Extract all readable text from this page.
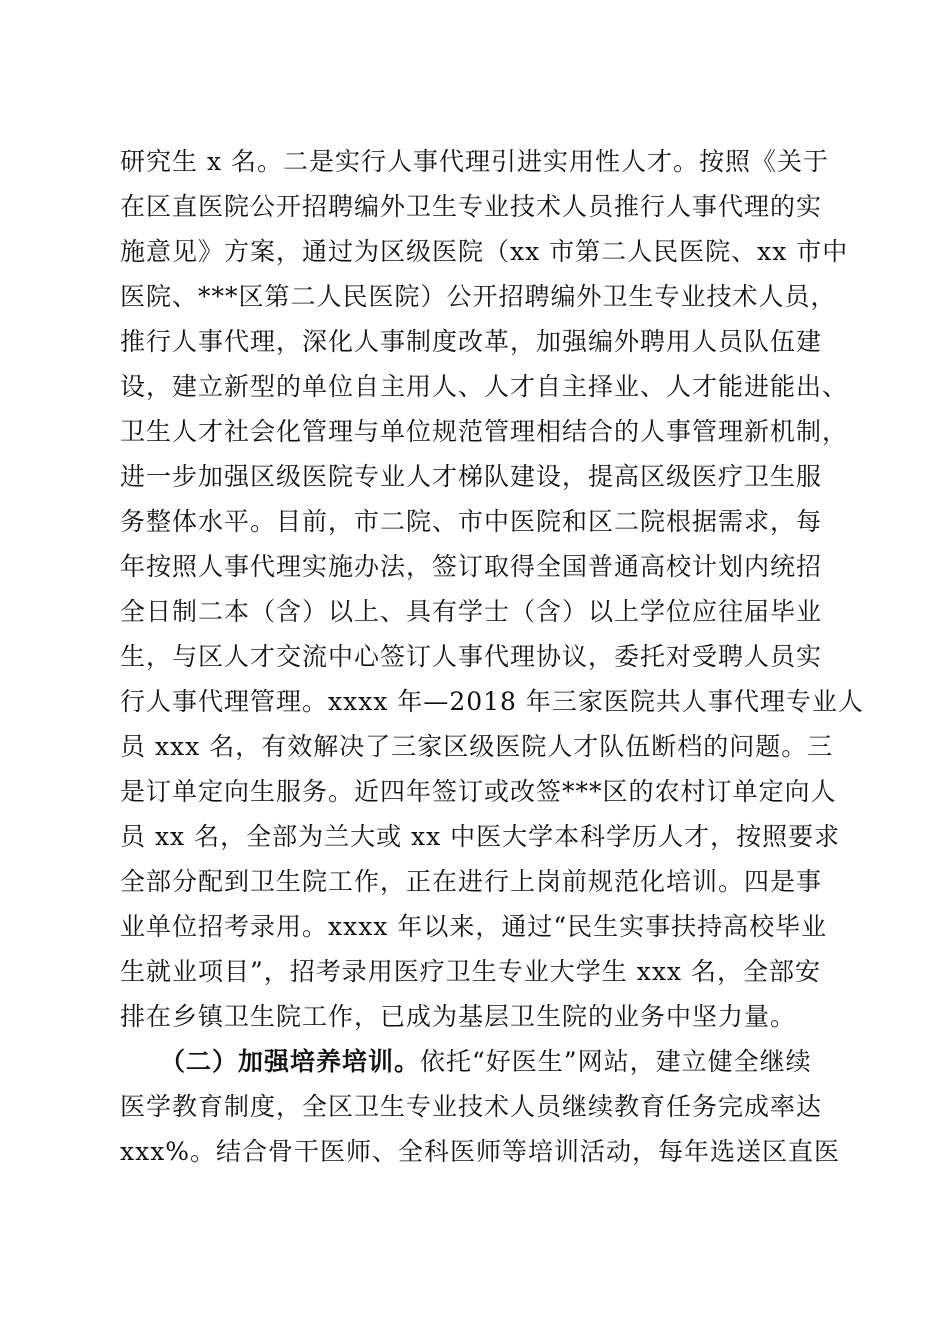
研究生 x 名。二是实行人事代理引进实用性人才。按照《关于
在区直医院公开招聘编外卫生专业技术人员推行人事代理的实
施意见》方案，通过为区级医院（xx 市第二人民医院、xx 市中
医院、***区第二人民医院）公开招聘编外卫生专业技术人员，
推行人事代理，深化人事制度改革，加强编外聘用人员队伍建
设，建立新型的单位自主用人、人才自主择业、人才能进能出、
卫生人才社会化管理与单位规范管理相结合的人事管理新机制，
进一步加强区级医院专业人才梯队建设，提高区级医疗卫生服
务整体水平。目前，市二院、市中医院和区二院根据需求，每
年按照人事代理实施办法，签订取得全国普通高校计划内统招
全日制二本（含）以上、具有学士（含）以上学位应往届毕业
生，与区人才交流中心签订人事代理协议，委托对受聘人员实
行人事代理管理。xxxx 年—2018 年三家医院共人事代理专业人
员 xxx 名，有效解决了三家区级医院人才队伍断档的问题。三
是订单定向生服务。近四年签订或改签***区的农村订单定向人
员 xx 名，全部为兰大或 xx 中医大学本科学历人才，按照要求
全部分配到卫生院工作，正在进行上岗前规范化培训。四是事
业单位招考录用。xxxx 年以来，通过“民生实事扶持高校毕业
生就业项目”，招考录用医疗卫生专业大学生 xxx 名，全部安
排在乡镇卫生院工作，已成为基层卫生院的业务中坚力量。
（二）加强培养培训。依托“好医生”网站，建立健全继续
医学教育制度，全区卫生专业技术人员继续教育任务完成率达
xxx%。结合骨干医师、全科医师等培训活动，每年选送区直医
